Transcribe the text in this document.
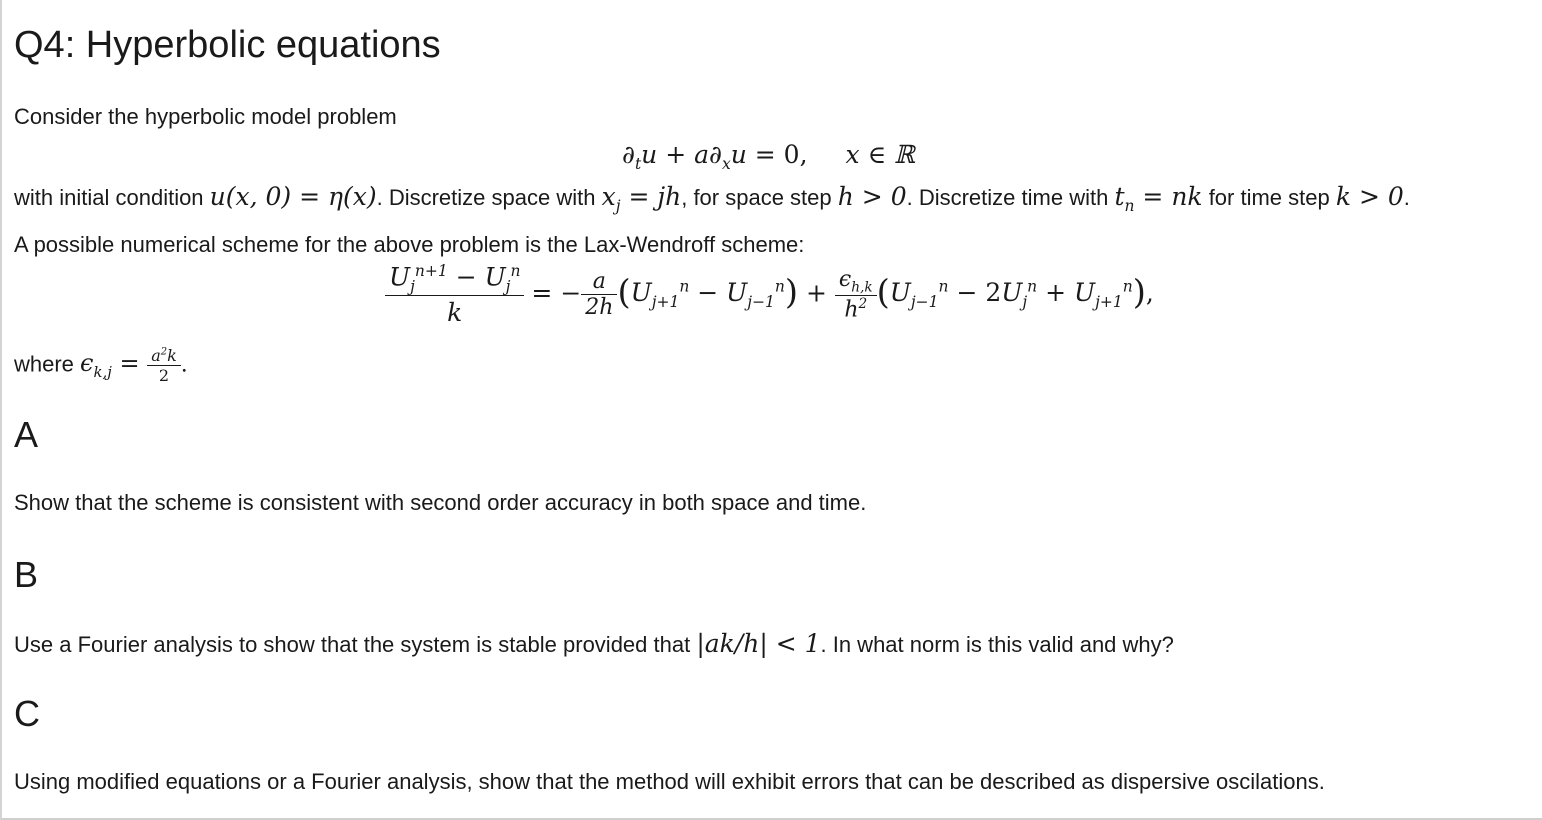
Q4: Hyperbolic equations
Consider the hyperbolic model problem
$\partial_tu + a\partial_xu = 0$, x ∈ ℝ
with initial condition u(x, 0) = η(x). Discretize space with $x_j$ = jh, for space step h > 0. Discretize time with $t_n$ = nk for time step k > 0.
A possible numerical scheme for the above problem is the Lax-Wendroff scheme:
$\frac{U_j^{n+1} - U_j^n}{k}$ = − $\frac{a}{2h} (U_{j+1}^n - U_{j-1}^n) + \frac{\epsilon_{h,k}}{h^2} (U_{j-1}^n - 2U_j^n + U_{j+1}^n)$,
where $\epsilon_{k,j} = \frac{a^2k}{2}$ .
A
Show that the scheme is consistent with second order accuracy in both space and time.
B
Use a Fourier analysis to show that the system is stable provided that |ak/h| < 1. In what norm is this valid and why?
C
Using modified equations or a Fourier analysis, show that the method will exhibit errors that can be described as dispersive oscilations.
